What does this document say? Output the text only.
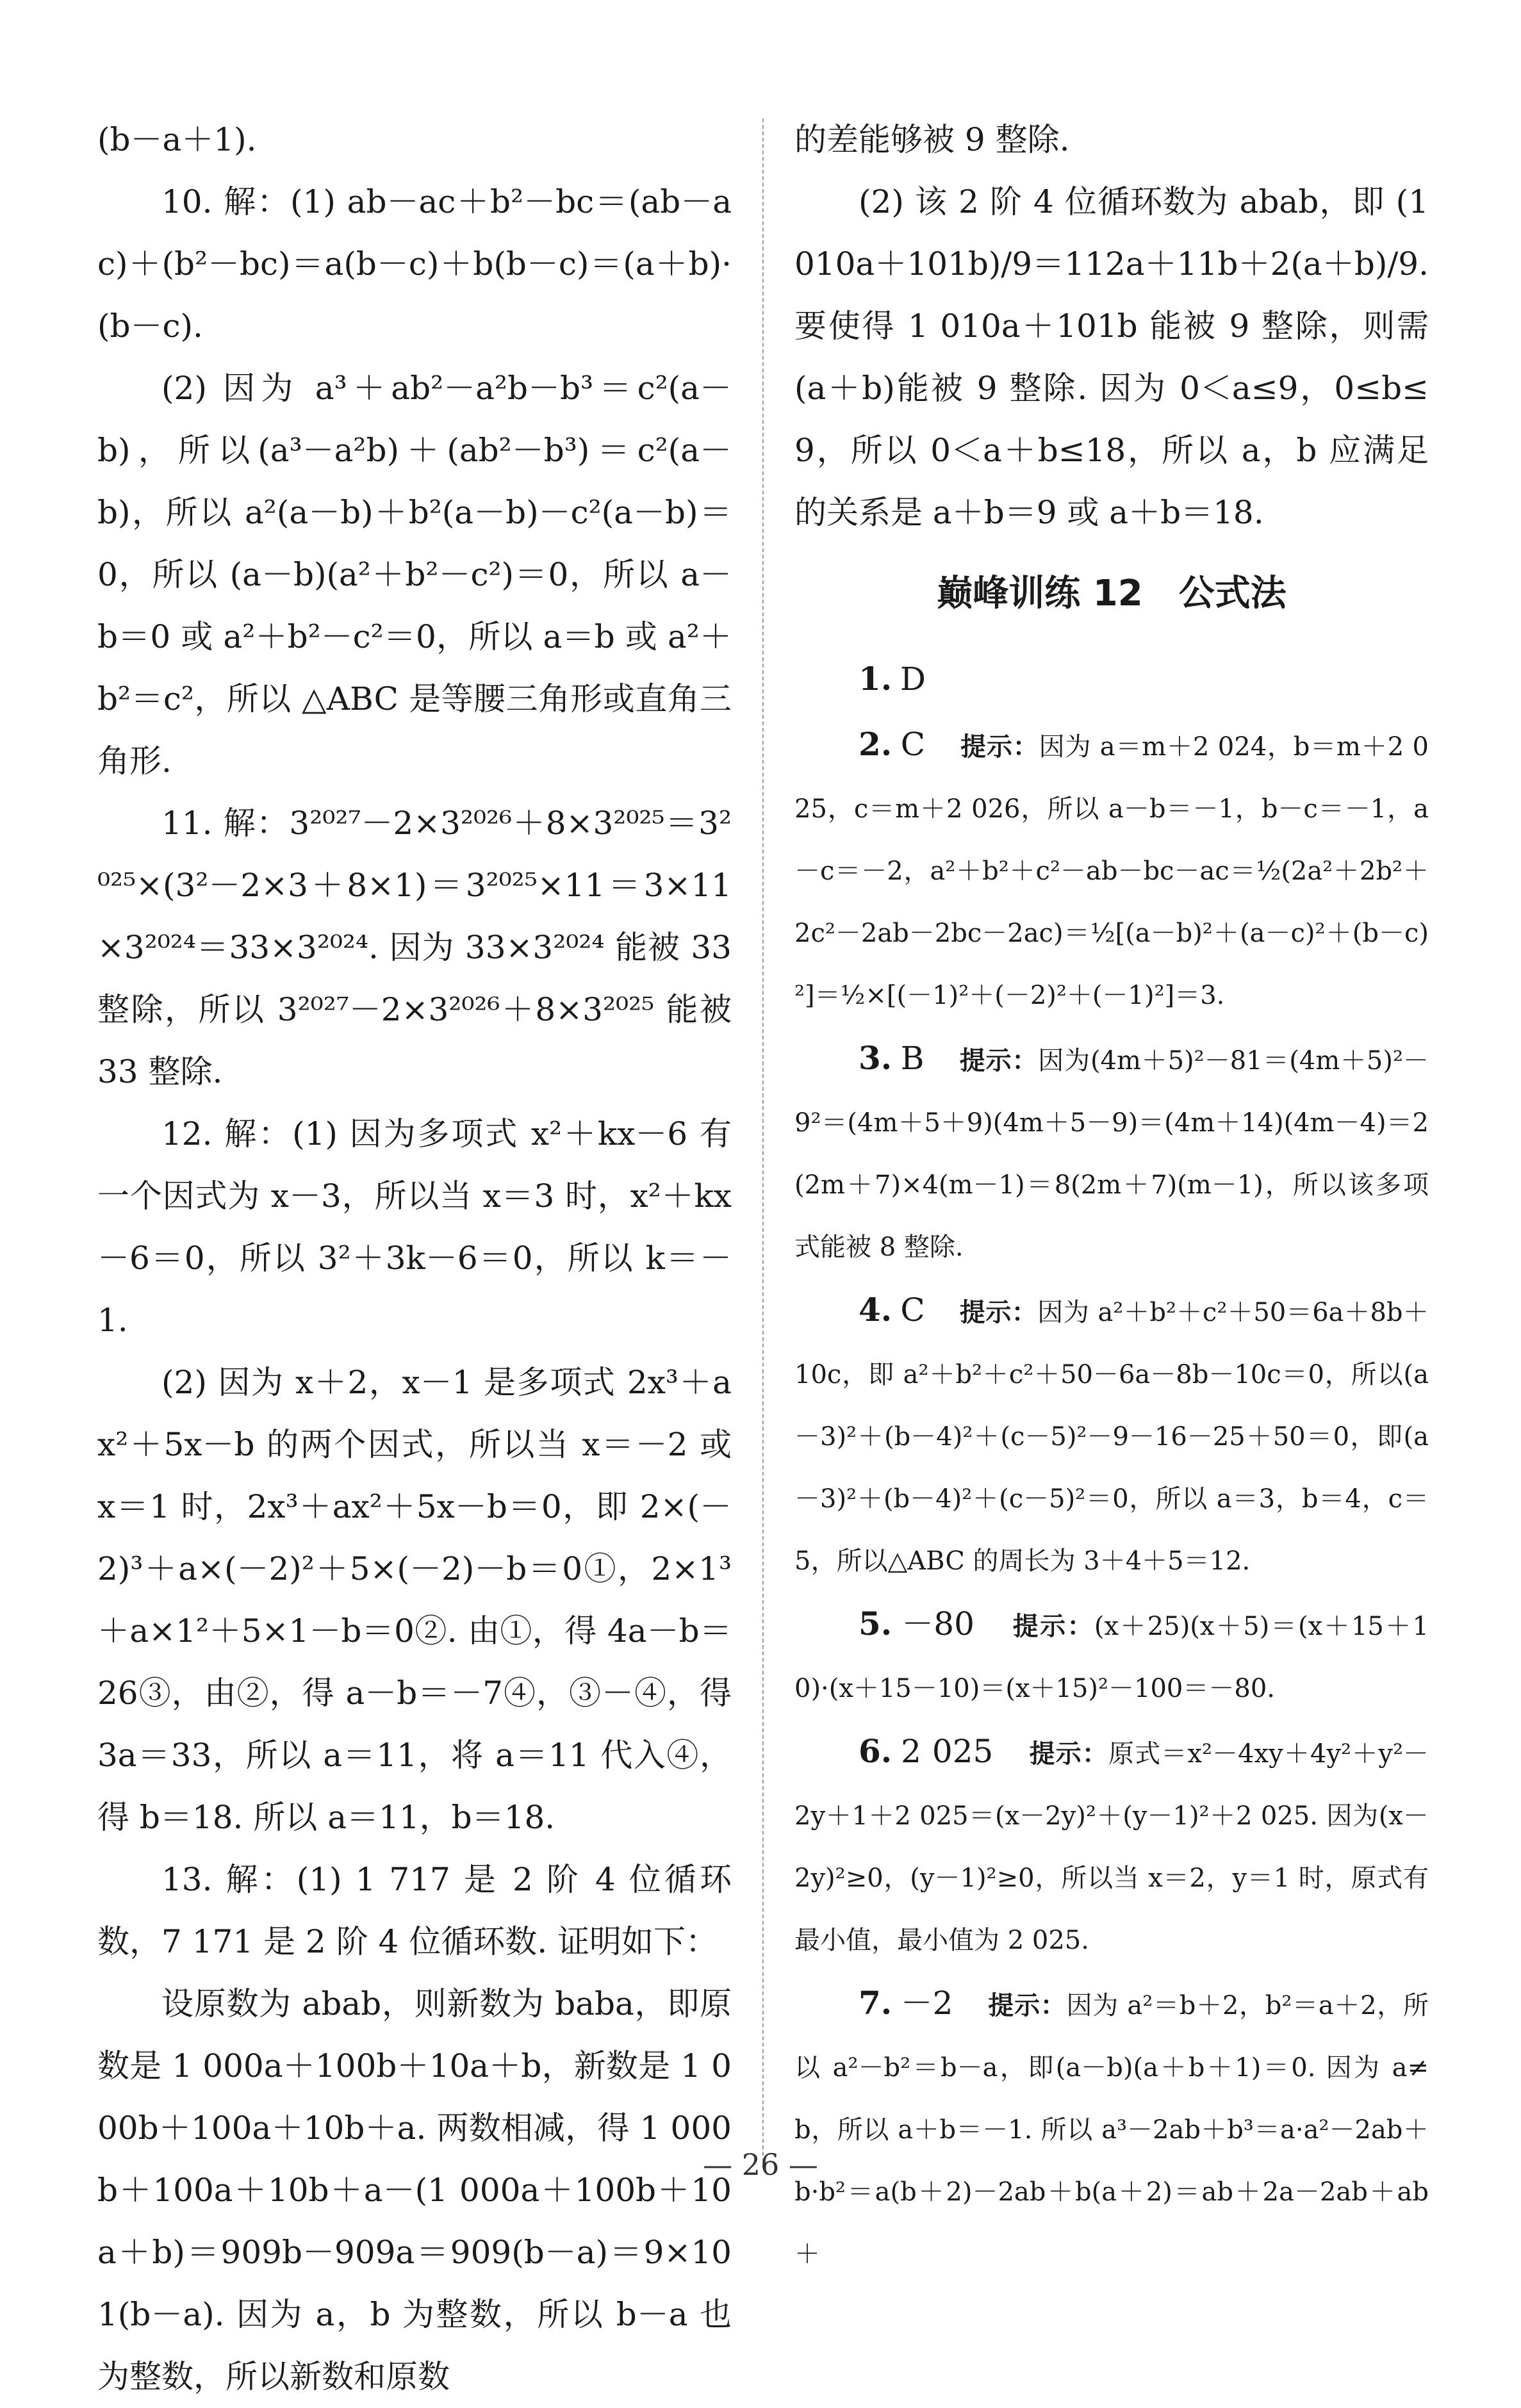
(b－a＋1).

10. 解：(1) ab－ac＋b²－bc＝(ab－ac)＋(b²－bc)＝a(b－c)＋b(b－c)＝(a＋b)·(b－c).

(2) 因为 a³＋ab²－a²b－b³＝c²(a－b)，所以(a³－a²b)＋(ab²－b³)＝c²(a－b)，所以 a²(a－b)＋b²(a－b)－c²(a－b)＝0，所以 (a－b)(a²＋b²－c²)＝0，所以 a－b＝0 或 a²＋b²－c²＝0，所以 a＝b 或 a²＋b²＝c²，所以 △ABC 是等腰三角形或直角三角形.

11. 解：3²⁰²⁷－2×3²⁰²⁶＋8×3²⁰²⁵＝3²⁰²⁵×(3²－2×3＋8×1)＝3²⁰²⁵×11＝3×11×3²⁰²⁴＝33×3²⁰²⁴. 因为 33×3²⁰²⁴ 能被 33 整除，所以 3²⁰²⁷－2×3²⁰²⁶＋8×3²⁰²⁵ 能被 33 整除.

12. 解：(1) 因为多项式 x²＋kx－6 有一个因式为 x－3，所以当 x＝3 时，x²＋kx－6＝0，所以 3²＋3k－6＝0，所以 k＝－1.

(2) 因为 x＋2，x－1 是多项式 2x³＋ax²＋5x－b 的两个因式，所以当 x＝－2 或 x＝1 时，2x³＋ax²＋5x－b＝0，即 2×(－2)³＋a×(－2)²＋5×(－2)－b＝0①，2×1³＋a×1²＋5×1－b＝0②. 由①，得 4a－b＝26③，由②，得 a－b＝－7④，③－④，得 3a＝33，所以 a＝11，将 a＝11 代入④，得 b＝18. 所以 a＝11，b＝18.

13. 解：(1) 1 717 是 2 阶 4 位循环数，7 171 是 2 阶 4 位循环数. 证明如下：

设原数为 abab，则新数为 baba，即原数是 1 000a＋100b＋10a＋b，新数是 1 000b＋100a＋10b＋a. 两数相减，得 1 000b＋100a＋10b＋a－(1 000a＋100b＋10a＋b)＝909b－909a＝909(b－a)＝9×101(b－a). 因为 a，b 为整数，所以 b－a 也为整数，所以新数和原数

的差能够被 9 整除.

(2) 该 2 阶 4 位循环数为 abab，即 (1 010a＋101b)/9＝112a＋11b＋2(a＋b)/9. 要使得 1 010a＋101b 能被 9 整除，则需(a＋b)能被 9 整除. 因为 0＜a≤9，0≤b≤9，所以 0＜a＋b≤18，所以 a，b 应满足的关系是 a＋b＝9 或 a＋b＝18.

巅峰训练 12　公式法

1. D

2. C　 提示：因为 a＝m＋2 024，b＝m＋2 025，c＝m＋2 026，所以 a－b＝－1，b－c＝－1，a－c＝－2，a²＋b²＋c²－ab－bc－ac＝½(2a²＋2b²＋2c²－2ab－2bc－2ac)＝½[(a－b)²＋(a－c)²＋(b－c)²]＝½×[(－1)²＋(－2)²＋(－1)²]＝3.

3. B　 提示：因为(4m＋5)²－81＝(4m＋5)²－9²＝(4m＋5＋9)(4m＋5－9)＝(4m＋14)(4m－4)＝2(2m＋7)×4(m－1)＝8(2m＋7)(m－1)，所以该多项式能被 8 整除.

4. C　 提示：因为 a²＋b²＋c²＋50＝6a＋8b＋10c，即 a²＋b²＋c²＋50－6a－8b－10c＝0，所以(a－3)²＋(b－4)²＋(c－5)²－9－16－25＋50＝0，即(a－3)²＋(b－4)²＋(c－5)²＝0，所以 a＝3，b＝4，c＝5，所以△ABC 的周长为 3＋4＋5＝12.

5. －80　 提示：(x＋25)(x＋5)＝(x＋15＋10)·(x＋15－10)＝(x＋15)²－100＝－80.

6. 2 025　 提示：原式＝x²－4xy＋4y²＋y²－2y＋1＋2 025＝(x－2y)²＋(y－1)²＋2 025. 因为(x－2y)²≥0，(y－1)²≥0，所以当 x＝2，y＝1 时，原式有最小值，最小值为 2 025.

7. －2　 提示：因为 a²＝b＋2，b²＝a＋2，所以 a²－b²＝b－a，即(a－b)(a＋b＋1)＝0. 因为 a≠b，所以 a＋b＝－1. 所以 a³－2ab＋b³＝a·a²－2ab＋b·b²＝a(b＋2)－2ab＋b(a＋2)＝ab＋2a－2ab＋ab＋

— 26 —
